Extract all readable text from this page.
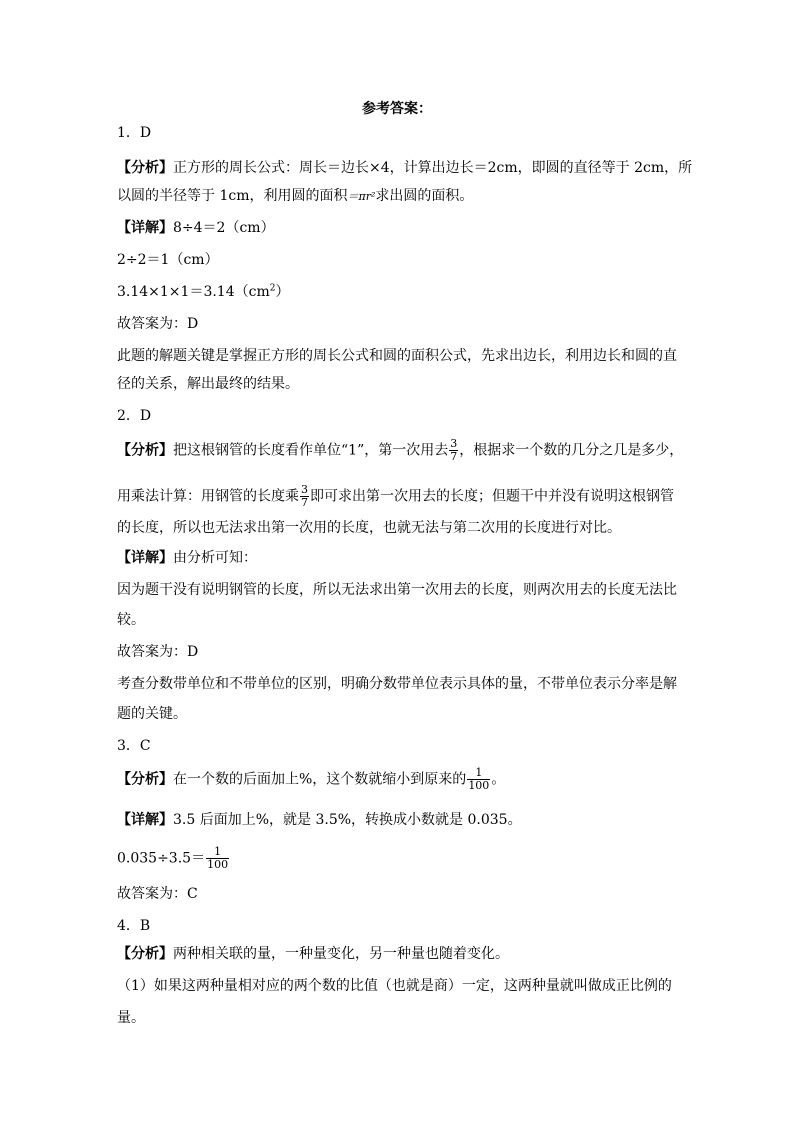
参考答案：
1．D
【分析】正方形的周长公式：周长＝边长×4，计算出边长＝2cm，即圆的直径等于 2cm，所
以圆的半径等于 1cm，利用圆的面积＝πr²求出圆的面积。
【详解】8÷4＝2（cm）
2÷2＝1（cm）
$3.14\times 1\times 1=3.14(cm^2)$
故答案为：D
此题的解题关键是掌握正方形的周长公式和圆的面积公式，先求出边长，利用边长和圆的直
径的关系，解出最终的结果。
2．D
【分析】把这根钢管的长度看作单位“1”，第一次用去 $\frac{3}{7}$ ，根据求一个数的几分之几是多少，
用乘法计算：用钢管的长度乘 $\frac{3}{7}$ 即可求出第一次用去的长度；但题干中并没有说明这根钢管
的长度，所以也无法求出第一次用的长度，也就无法与第二次用的长度进行对比。
【详解】由分析可知：
因为题干没有说明钢管的长度，所以无法求出第一次用去的长度，则两次用去的长度无法比
较。
故答案为：D
考查分数带单位和不带单位的区别，明确分数带单位表示具体的量，不带单位表示分率是解
题的关键。
3．C
【分析】在一个数的后面加上%，这个数就缩小到原来的 $\frac{1}{100}$ 。
【详解】3.5 后面加上%，就是 3.5%，转换成小数就是 0.035。
$0.035\div 3.5= \frac{1}{100}$
故答案为：C
4．B
【分析】两种相关联的量，一种量变化，另一种量也随着变化。
（1）如果这两种量相对应的两个数的比值（也就是商）一定，这两种量就叫做成正比例的
量。
